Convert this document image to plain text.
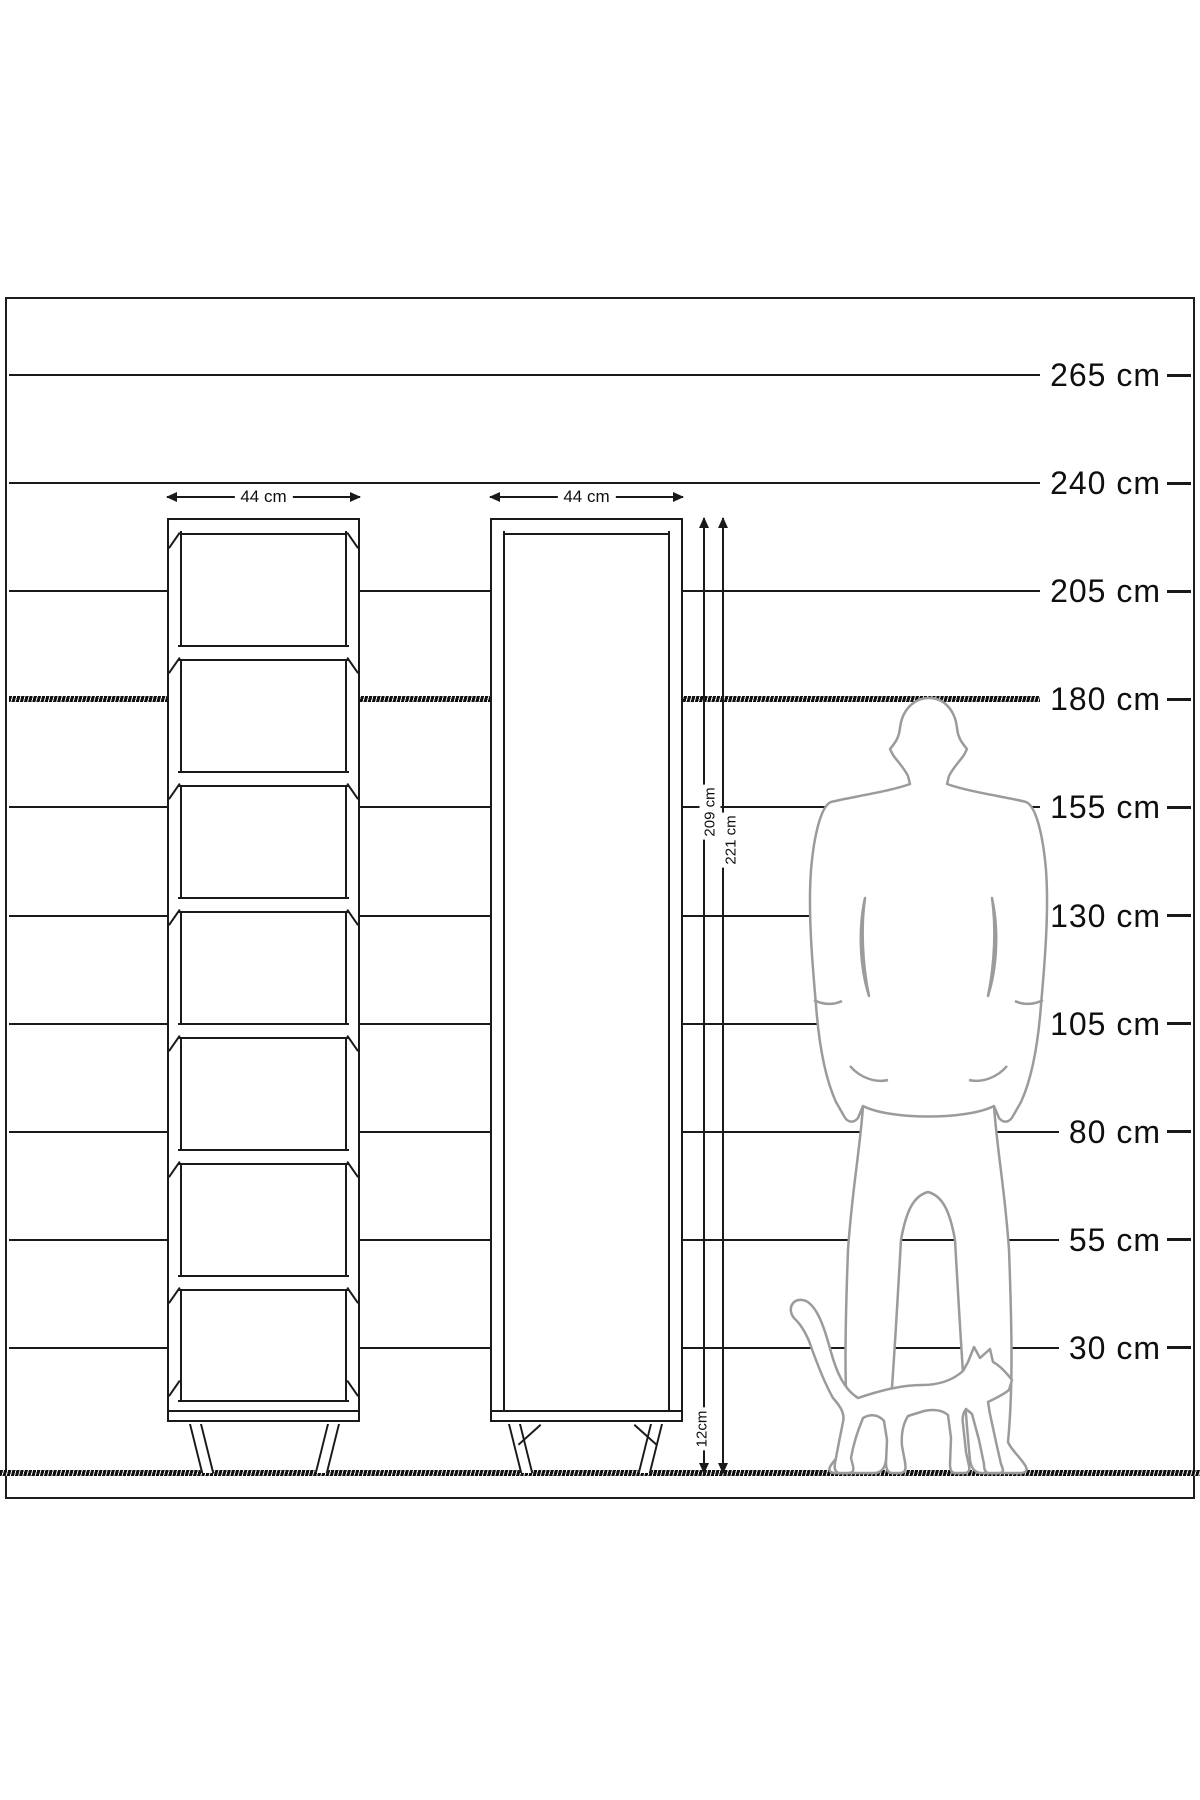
265 cm
240 cm
205 cm
180 cm
155 cm
130 cm
105 cm
80 cm
55 cm
30 cm
44 cm	44 cm
209 cm
221 cm
12cm
